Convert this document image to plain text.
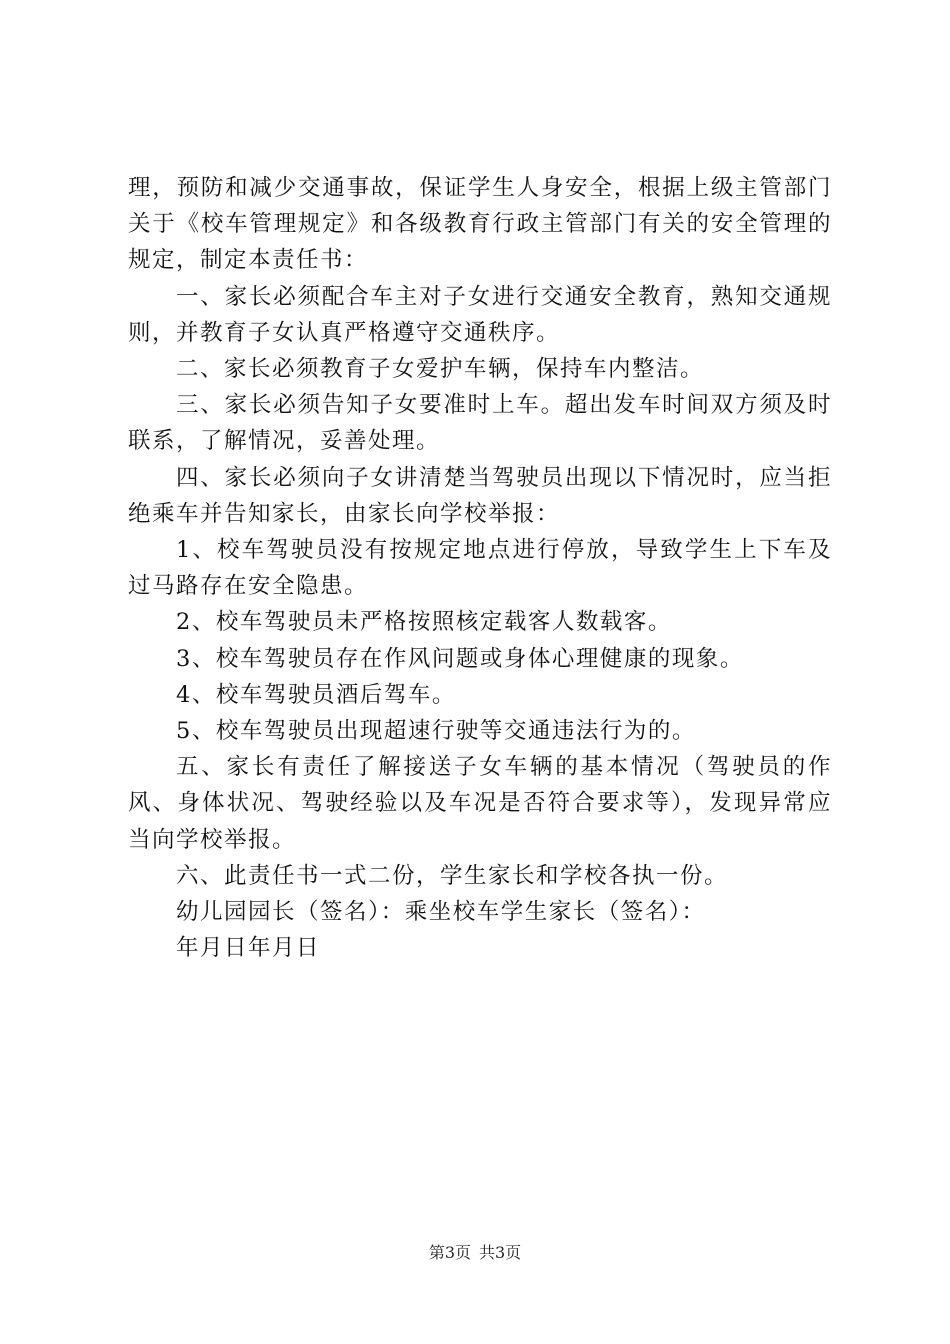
理，预防和减少交通事故，保证学生人身安全，根据上级主管部门关于《校车管理规定》和各级教育行政主管部门有关的安全管理的规定，制定本责任书：

一、家长必须配合车主对子女进行交通安全教育，熟知交通规则，并教育子女认真严格遵守交通秩序。

二、家长必须教育子女爱护车辆，保持车内整洁。

三、家长必须告知子女要准时上车。超出发车时间双方须及时联系，了解情况，妥善处理。

四、家长必须向子女讲清楚当驾驶员出现以下情况时，应当拒绝乘车并告知家长，由家长向学校举报：

1、校车驾驶员没有按规定地点进行停放，导致学生上下车及过马路存在安全隐患。

2、校车驾驶员未严格按照核定载客人数载客。

3、校车驾驶员存在作风问题或身体心理健康的现象。

4、校车驾驶员酒后驾车。

5、校车驾驶员出现超速行驶等交通违法行为的。

五、家长有责任了解接送子女车辆的基本情况（驾驶员的作风、身体状况、驾驶经验以及车况是否符合要求等），发现异常应当向学校举报。

六、此责任书一式二份，学生家长和学校各执一份。

幼儿园园长（签名）：乘坐校车学生家长（签名）：

年月日年月日

第3页 共3页
